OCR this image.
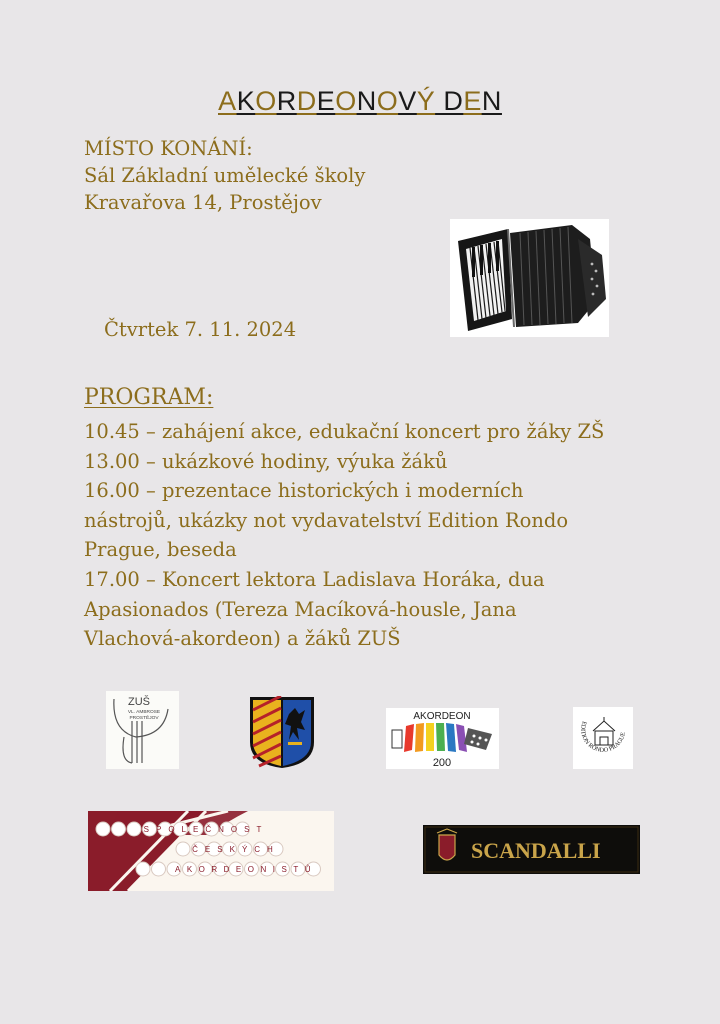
AKORDEONOVÝ DEN
MÍSTO KONÁNÍ:
Sál Základní umělecké školy
Kravařova 14, Prostějov
Čtvrtek 7. 11. 2024
PROGRAM:
10.45 – zahájení akce, edukační koncert pro žáky ZŠ
13.00 – ukázkové hodiny, výuka žáků
16.00 – prezentace historických i moderních
nástrojů, ukázky not vydavatelství Edition Rondo
Prague, beseda
17.00 – Koncert lektora Ladislava Horáka, dua
Apasionados (Tereza Macíková-housle, Jana
Vlachová-akordeon) a žáků ZUŠ
ZUŠ
VL. AMBROSE
PROSTĚJOV	AKORDEON
200
EDITION RONDO PRAGUE
SPOLEČNOST
ČESKÝCH
AKORDEONISTŮ
SCANDALLI
